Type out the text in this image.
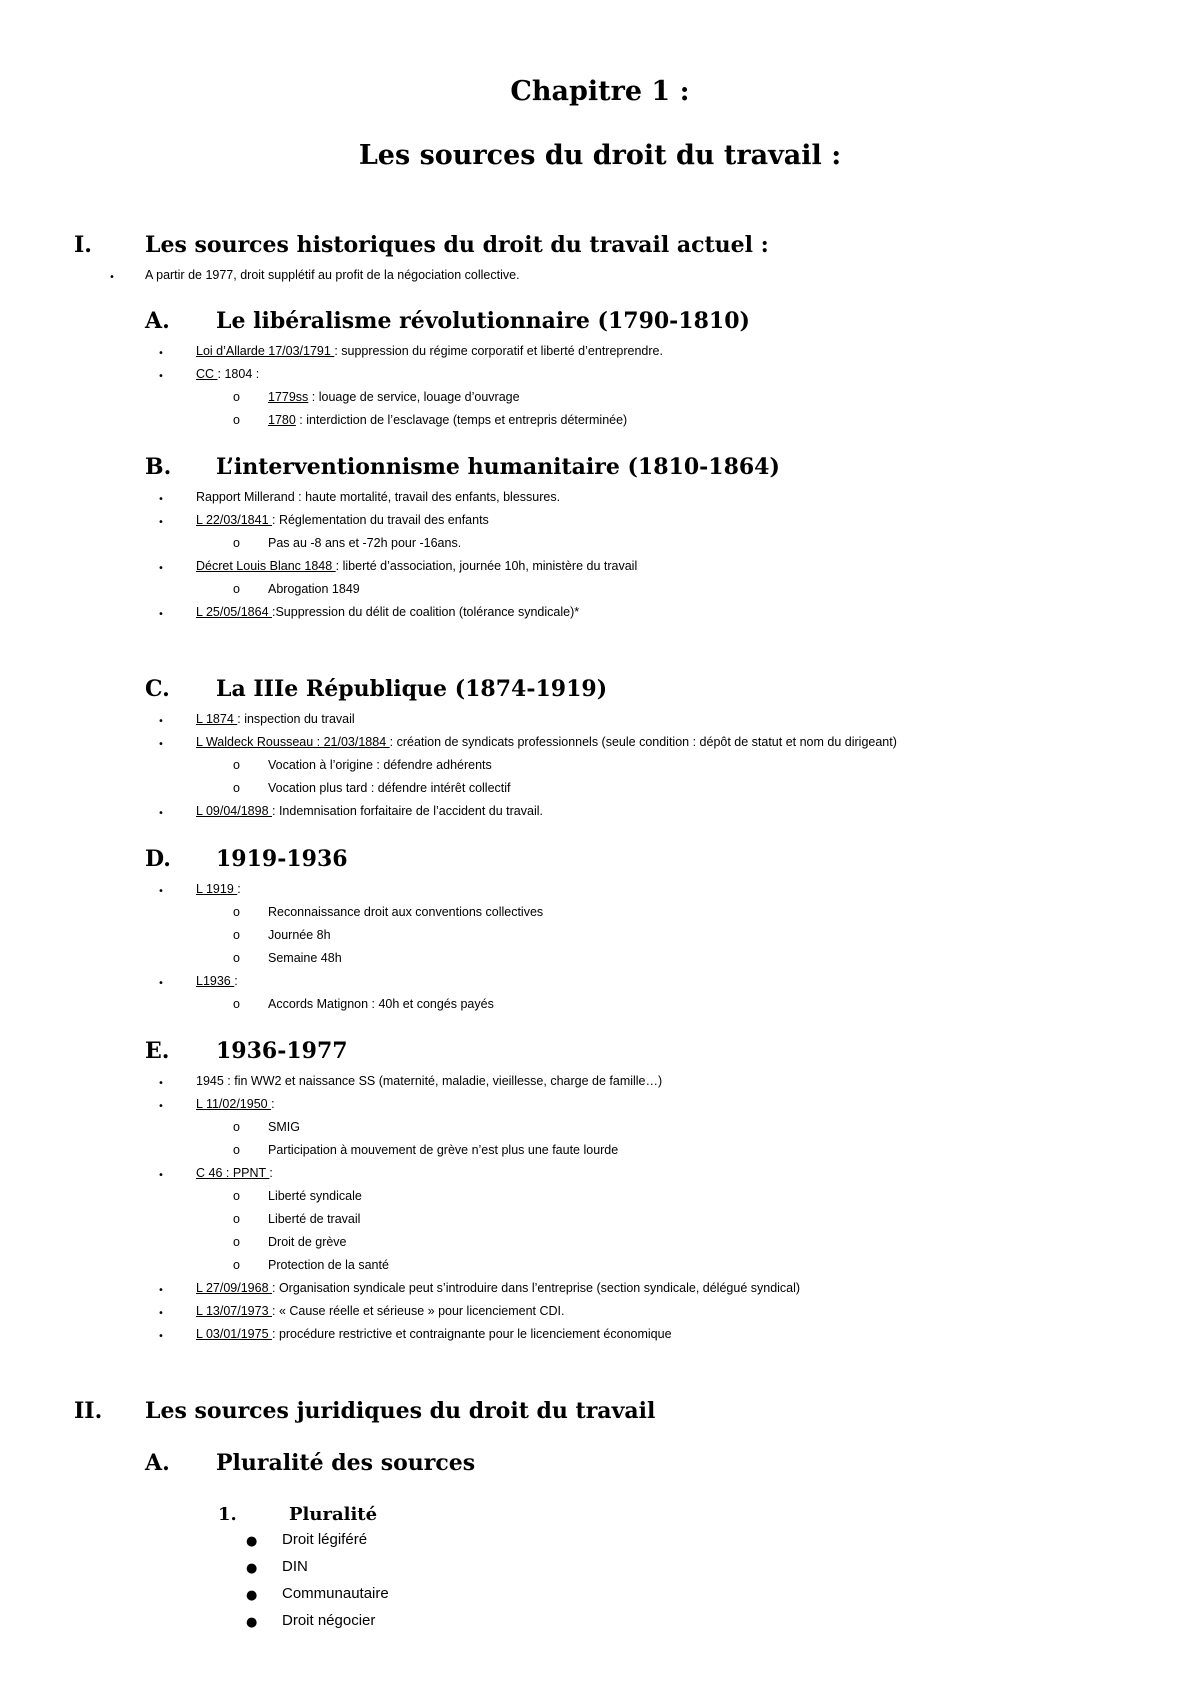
Chapitre 1 :
Les sources du droit du travail :
I. Les sources historiques du droit du travail actuel :
• A partir de 1977, droit supplétif au profit de la négociation collective.
A. Le libéralisme révolutionnaire (1790-1810)
•	Loi d’Allarde 17/03/1791 : suppression du régime corporatif et liberté d’entreprendre.
•	CC : 1804 :
o 1779ss : louage de service, louage d’ouvrage
o 1780 : interdiction de l’esclavage (temps et entrepris déterminée)
B. L’interventionnisme humanitaire (1810-1864)
•	Rapport Millerand : haute mortalité, travail des enfants, blessures.
•	L 22/03/1841 : Réglementation du travail des enfants
o Pas au -8 ans et -72h pour -16ans.
•	Décret Louis Blanc 1848 : liberté d’association, journée 10h, ministère du travail
o Abrogation 1849
•	L 25/05/1864 :Suppression du délit de coalition (tolérance syndicale)*
C. La IIIe République (1874-1919)
•	L 1874 : inspection du travail
•	L Waldeck Rousseau : 21/03/1884 : création de syndicats professionnels (seule condition : dépôt de statut et nom du dirigeant)
o Vocation à l’origine : défendre adhérents
o Vocation plus tard : défendre intérêt collectif
•	L 09/04/1898 : Indemnisation forfaitaire de l’accident du travail.
D. 1919-1936
•	L 1919 :
o Reconnaissance droit aux conventions collectives
o Journée 8h
o Semaine 48h
•	L1936 :
o Accords Matignon : 40h et congés payés
E. 1936-1977
•	1945 : fin WW2 et naissance SS (maternité, maladie, vieillesse, charge de famille…)
•	L 11/02/1950 :
o SMIG
o Participation à mouvement de grève n’est plus une faute lourde
•	C 46 : PPNT :
o Liberté syndicale
o Liberté de travail
o Droit de grève
o Protection de la santé
•	L 27/09/1968 : Organisation syndicale peut s’introduire dans l’entreprise (section syndicale, délégué syndical)
•	L 13/07/1973 : « Cause réelle et sérieuse » pour licenciement CDI.
•	L 03/01/1975 : procédure restrictive et contraignante pour le licenciement économique
II. Les sources juridiques du droit du travail
A. Pluralité des sources
1.	Pluralité
● Droit légiféré
● DIN
● Communautaire
● Droit négocier
